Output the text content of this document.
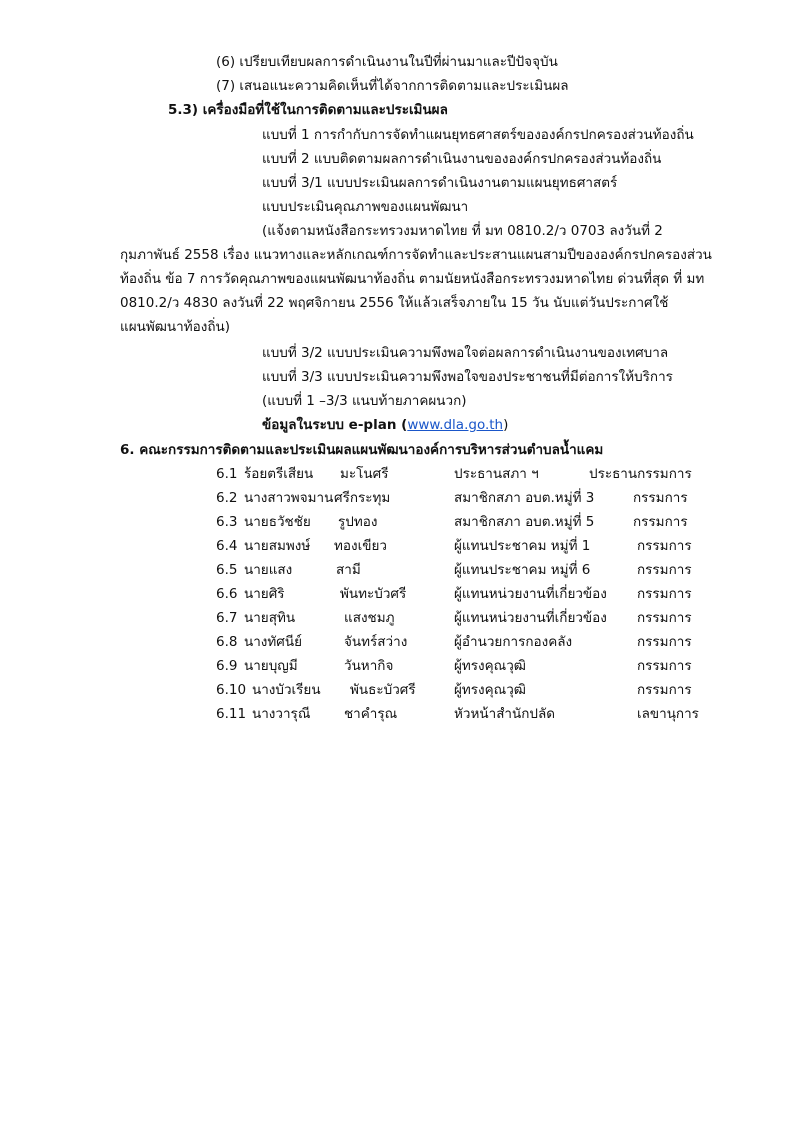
(6) เปรียบเทียบผลการดำเนินงานในปีที่ผ่านมาและปีปัจจุบัน
(7) เสนอแนะความคิดเห็นที่ได้จากการติดตามและประเมินผล
5.3) เครื่องมือที่ใช้ในการติดตามและประเมินผล
แบบที่ 1 การกำกับการจัดทำแผนยุทธศาสตร์ขององค์กรปกครองส่วนท้องถิ่น
แบบที่ 2 แบบติดตามผลการดำเนินงานขององค์กรปกครองส่วนท้องถิ่น
แบบที่ 3/1 แบบประเมินผลการดำเนินงานตามแผนยุทธศาสตร์
แบบประเมินคุณภาพของแผนพัฒนา
(แจ้งตามหนังสือกระทรวงมหาดไทย ที่ มท 0810.2/ว 0703 ลงวันที่ 2
กุมภาพันธ์ 2558 เรื่อง แนวทางและหลักเกณฑ์การจัดทำและประสานแผนสามปีขององค์กรปกครองส่วน
ท้องถิ่น ข้อ 7 การวัดคุณภาพของแผนพัฒนาท้องถิ่น ตามนัยหนังสือกระทรวงมหาดไทย ด่วนที่สุด ที่ มท
0810.2/ว 4830 ลงวันที่ 22 พฤศจิกายน 2556 ให้แล้วเสร็จภายใน 15 วัน นับแต่วันประกาศใช้
แผนพัฒนาท้องถิ่น)
แบบที่ 3/2 แบบประเมินความพึงพอใจต่อผลการดำเนินงานของเทศบาล
แบบที่ 3/3 แบบประเมินความพึงพอใจของประชาชนที่มีต่อการให้บริการ
(แบบที่ 1 –3/3 แนบท้ายภาคผนวก)
ข้อมูลในระบบ e-plan (www.dla.go.th)
6. คณะกรรมการติดตามและประเมินผลแผนพัฒนาองค์การบริหารส่วนตำบลน้ำแคม
6.1 ร้อยตรีเสียน มะโนศรี	ประธานสภา ฯ	ประธานกรรมการ
6.2 นางสาวพจมาน ศรีกระทุม	สมาชิกสภา อบต.หมู่ที่ 3	กรรมการ
6.3 นายธวัชชัย รูปทอง	สมาชิกสภา อบต.หมู่ที่ 5	กรรมการ
6.4 นายสมพงษ์ ทองเขียว	ผู้แทนประชาคม หมู่ที่ 1	กรรมการ
6.5 นายแสง	สามี	ผู้แทนประชาคม หมู่ที่ 6	กรรมการ
6.6 นายศิริ	พันทะบัวศรี	ผู้แทนหน่วยงานที่เกี่ยวข้อง กรรมการ
6.7 นายสุทิน	แสงชมภู	ผู้แทนหน่วยงานที่เกี่ยวข้อง กรรมการ
6.8 นางทัศนีย์	จันทร์สว่าง	ผู้อำนวยการกองคลัง	กรรมการ
6.9 นายบุญมี	วันหากิจ	ผู้ทรงคุณวุฒิ	กรรมการ
6.10 นางบัวเรียน พันธะบัวศรี	ผู้ทรงคุณวุฒิ	กรรมการ
6.11 นางวารุณี ชาคำรุณ	หัวหน้าสำนักปลัด	เลขานุการ
